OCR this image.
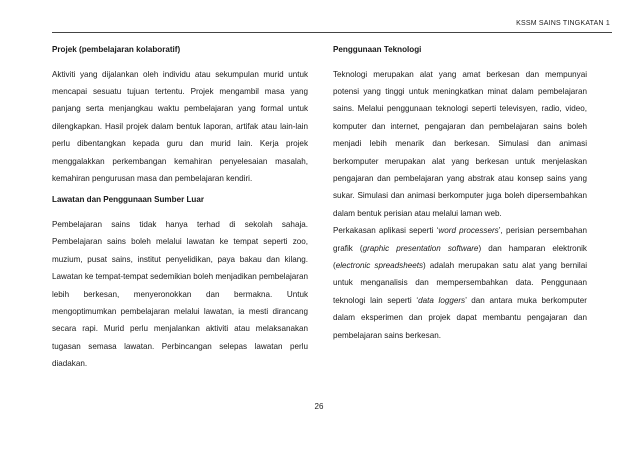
KSSM SAINS TINGKATAN 1

Projek (pembelajaran kolaboratif)

Aktiviti yang dijalankan oleh individu atau sekumpulan murid untuk mencapai sesuatu tujuan tertentu. Projek mengambil masa yang panjang serta menjangkau waktu pembelajaran yang formal untuk dilengkapkan. Hasil projek dalam bentuk laporan, artifak atau lain-lain perlu dibentangkan kepada guru dan murid lain. Kerja projek menggalakkan perkembangan kemahiran penyelesaian masalah, kemahiran pengurusan masa dan pembelajaran kendiri.

Lawatan dan Penggunaan Sumber Luar

Pembelajaran sains tidak hanya terhad di sekolah sahaja. Pembelajaran sains boleh melalui lawatan ke tempat seperti zoo, muzium, pusat sains, institut penyelidikan, paya bakau dan kilang. Lawatan ke tempat-tempat sedemikian boleh menjadikan pembelajaran lebih berkesan, menyeronokkan dan bermakna. Untuk mengoptimumkan pembelajaran melalui lawatan, ia mesti dirancang secara rapi. Murid perlu menjalankan aktiviti atau melaksanakan tugasan semasa lawatan. Perbincangan selepas lawatan perlu diadakan.

Penggunaan Teknologi

Teknologi merupakan alat yang amat berkesan dan mempunyai potensi yang tinggi untuk meningkatkan minat dalam pembelajaran sains. Melalui penggunaan teknologi seperti televisyen, radio, video, komputer dan internet, pengajaran dan pembelajaran sains boleh menjadi lebih menarik dan berkesan. Simulasi dan animasi berkomputer merupakan alat yang berkesan untuk menjelaskan pengajaran dan pembelajaran yang abstrak atau konsep sains yang sukar. Simulasi dan animasi berkomputer juga boleh dipersembahkan dalam bentuk perisian atau melalui laman web.

Perkakasan aplikasi seperti ‘word processers’, perisian persembahan grafik (graphic presentation software) dan hamparan elektronik (electronic spreadsheets) adalah merupakan satu alat yang bernilai untuk menganalisis dan mempersembahkan data. Penggunaan teknologi lain seperti ‘data loggers’ dan antara muka berkomputer dalam eksperimen dan projek dapat membantu pengajaran dan pembelajaran sains berkesan.

26
